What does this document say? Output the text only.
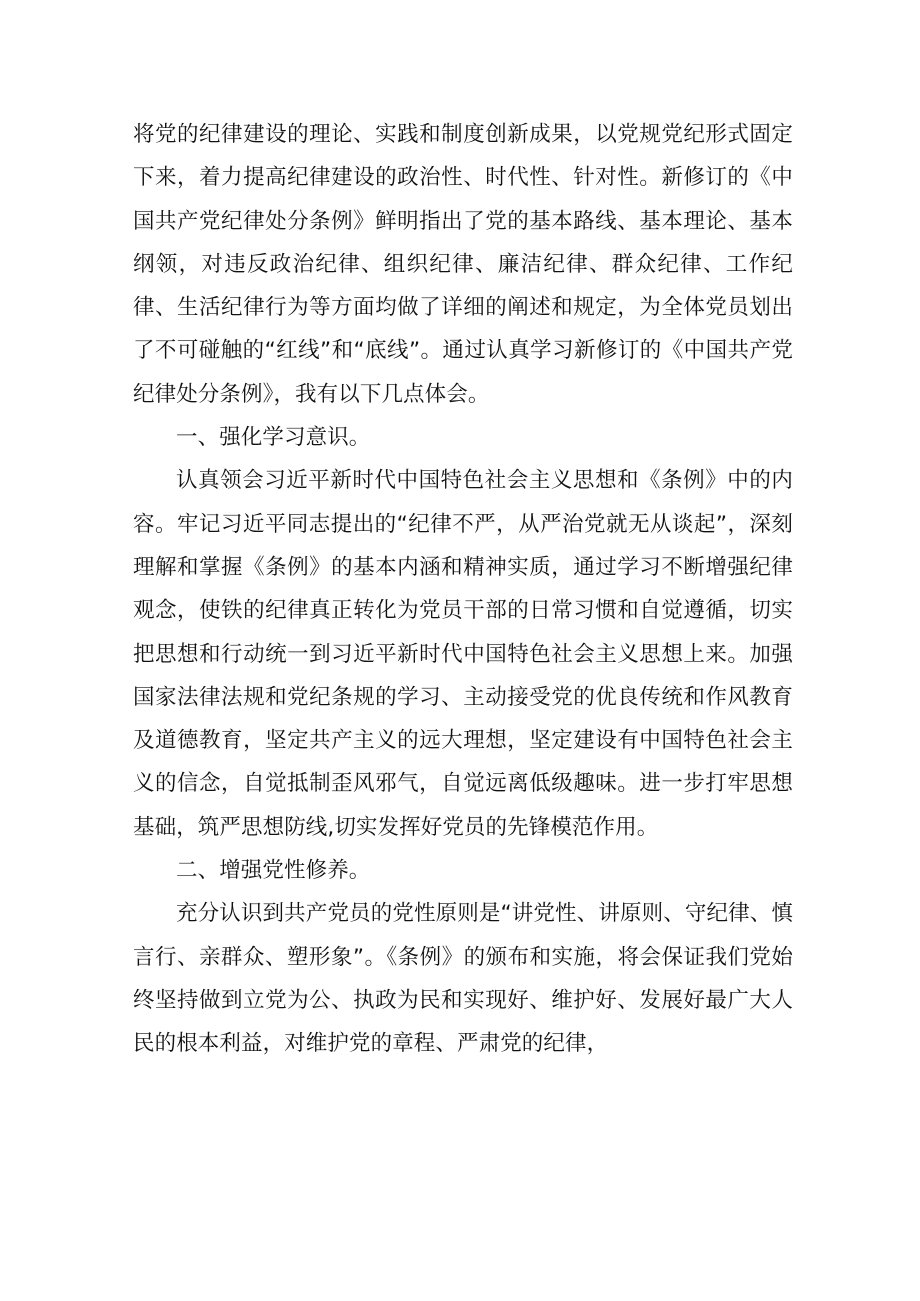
将党的纪律建设的理论、实践和制度创新成果，以党规党纪形式固定下来，着力提高纪律建设的政治性、时代性、针对性。新修订的《中国共产党纪律处分条例》鲜明指出了党的基本路线、基本理论、基本纲领，对违反政治纪律、组织纪律、廉洁纪律、群众纪律、工作纪律、生活纪律行为等方面均做了详细的阐述和规定，为全体党员划出了不可碰触的“红线”和“底线”。通过认真学习新修订的《中国共产党纪律处分条例》，我有以下几点体会。

一、强化学习意识。

认真领会习近平新时代中国特色社会主义思想和《条例》中的内容。牢记习近平同志提出的“纪律不严，从严治党就无从谈起”，深刻理解和掌握《条例》的基本内涵和精神实质，通过学习不断增强纪律观念，使铁的纪律真正转化为党员干部的日常习惯和自觉遵循，切实把思想和行动统一到习近平新时代中国特色社会主义思想上来。加强国家法律法规和党纪条规的学习、主动接受党的优良传统和作风教育及道德教育，坚定共产主义的远大理想，坚定建设有中国特色社会主义的信念，自觉抵制歪风邪气，自觉远离低级趣味。进一步打牢思想基础，筑严思想防线,切实发挥好党员的先锋模范作用。

二、增强党性修养。

充分认识到共产党员的党性原则是“讲党性、讲原则、守纪律、慎言行、亲群众、塑形象”。《条例》的颁布和实施，将会保证我们党始终坚持做到立党为公、执政为民和实现好、维护好、发展好最广大人民的根本利益，对维护党的章程、严肃党的纪律，
